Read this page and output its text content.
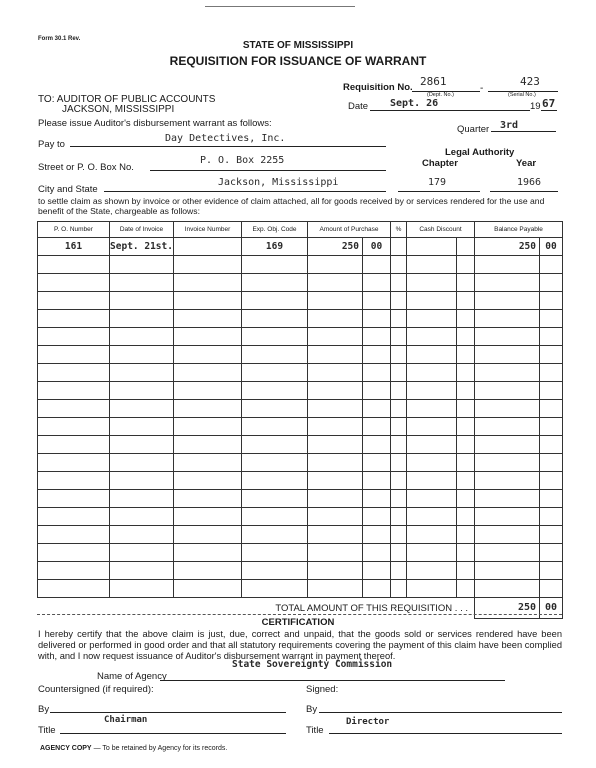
Form 30.1 Rev.
STATE OF MISSISSIPPI
REQUISITION FOR ISSUANCE OF WARRANT
Requisition No. 2861
-
423
(Dept. No.)	(Serial No.)
Date Sept. 26	19 67
TO: AUDITOR OF PUBLIC ACCOUNTS
JACKSON, MISSISSIPPI
Please issue Auditor's disbursement warrant as follows:
Quarter 3rd
Pay to
Day Detectives, Inc.
Legal Authority
Chapter	Year
Street or P. O. Box No.
P. O. Box 2255
City and State
Jackson, Mississippi	179	1966
to settle claim as shown by invoice or other evidence of claim attached, all for goods received by or services rendered for the use and benefit of the State, chargeable as follows:
P. O. Number	Date of Invoice	Invoice Number	Exp. Obj. Code	Amount of Purchase		%	Cash Discount		Balance Payable	
161	Sept. 21st.		169	250	00				250	00

TOTAL AMOUNT OF THIS REQUISITION . . .									250	00
CERTIFICATION
I hereby certify that the above claim is just, due, correct and unpaid, that the goods sold or services rendered have been delivered or performed in good order and that all statutory requirements covering the payment of this claim have been complied with, and I now request issuance of Auditor's disbursement warrant in payment thereof.
State Sovereignty Commission
Name of Agency
Countersigned (if required):	Signed:
By	By
Chairman
Title
Director
Title
AGENCY COPY — To be retained by Agency for its records.
